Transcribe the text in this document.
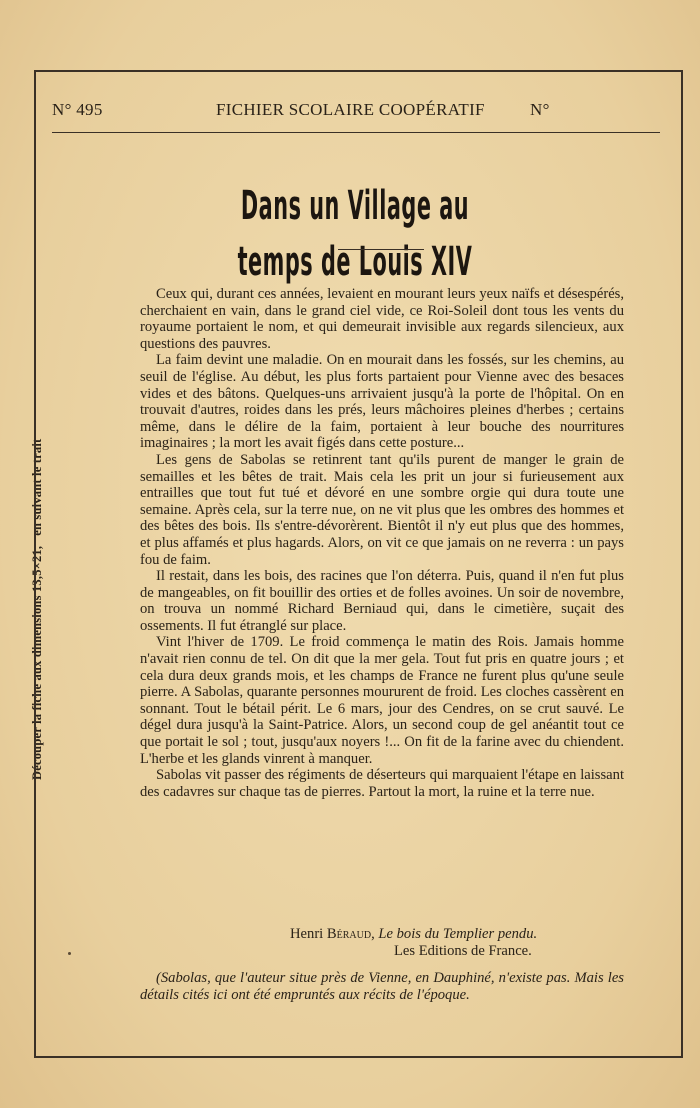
Découper la fiche aux dimensions 13,5×21,en suivant le trait
N° 495	FICHIER SCOLAIRE COOPÉRATIF	N°
Dans un Village au temps de Louis XIV

Ceux qui, durant ces années, levaient en mourant leurs yeux naïfs et désespérés, cherchaient en vain, dans le grand ciel vide, ce Roi-Soleil dont tous les vents du royaume portaient le nom, et qui demeurait invisible aux regards silencieux, aux questions des pauvres.

La faim devint une maladie. On en mourait dans les fossés, sur les chemins, au seuil de l'église. Au début, les plus forts partaient pour Vienne avec des besaces vides et des bâtons. Quelques-uns arrivaient jusqu'à la porte de l'hôpital. On en trouvait d'autres, roides dans les prés, leurs mâchoires pleines d'herbes ; certains même, dans le délire de la faim, portaient à leur bouche des nourritures imaginaires ; la mort les avait figés dans cette posture...

Les gens de Sabolas se retinrent tant qu'ils purent de manger le grain de semailles et les bêtes de trait. Mais cela les prit un jour si furieusement aux entrailles que tout fut tué et dévoré en une sombre orgie qui dura toute une semaine. Après cela, sur la terre nue, on ne vit plus que les ombres des hommes et des bêtes des bois. Ils s'entre-dévorèrent. Bientôt il n'y eut plus que des hommes, et plus affamés et plus hagards. Alors, on vit ce que jamais on ne reverra : un pays fou de faim.

Il restait, dans les bois, des racines que l'on déterra. Puis, quand il n'en fut plus de mangeables, on fit bouillir des orties et de folles avoines. Un soir de novembre, on trouva un nommé Richard Berniaud qui, dans le cimetière, suçait des ossements. Il fut étranglé sur place.

Vint l'hiver de 1709. Le froid commença le matin des Rois. Jamais homme n'avait rien connu de tel. On dit que la mer gela. Tout fut pris en quatre jours ; et cela dura deux grands mois, et les champs de France ne furent plus qu'une seule pierre. A Sabolas, quarante personnes moururent de froid. Les cloches cassèrent en sonnant. Tout le bétail périt. Le 6 mars, jour des Cendres, on se crut sauvé. Le dégel dura jusqu'à la Saint-Patrice. Alors, un second coup de gel anéantit tout ce que portait le sol ; tout, jusqu'aux noyers !... On fit de la farine avec du chiendent. L'herbe et les glands vinrent à manquer.

Sabolas vit passer des régiments de déserteurs qui marquaient l'étape en laissant des cadavres sur chaque tas de pierres. Partout la mort, la ruine et la terre nue.

Henri Béraud, Le bois du Templier pendu.
Les Editions de France.
(Sabolas, que l'auteur situe près de Vienne, en Dauphiné, n'existe pas. Mais les détails cités ici ont été empruntés aux récits de l'époque.
